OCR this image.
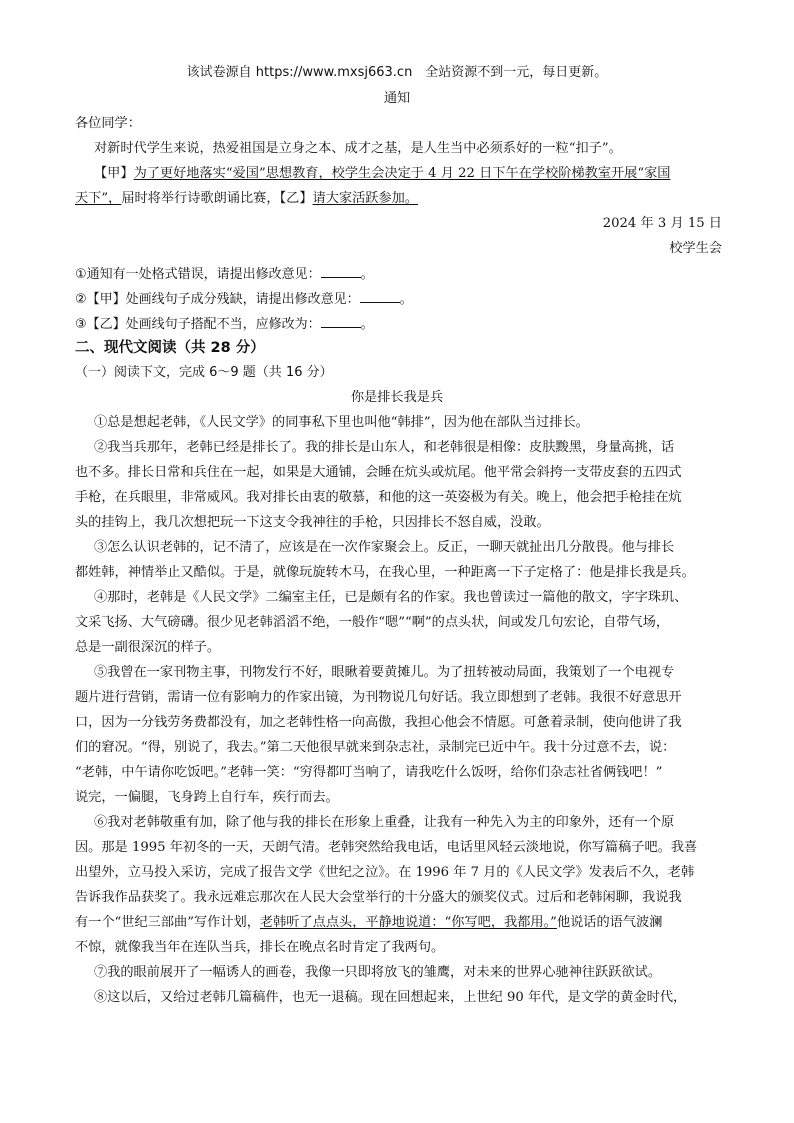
该试卷源自 https://www.mxsj663.cn　全站资源不到一元，每日更新。
通知
各位同学：
对新时代学生来说，热爱祖国是立身之本、成才之基，是人生当中必须系好的一粒“扣子”。
【甲】为了更好地落实“爱国”思想教育，校学生会决定于 4 月 22 日下午在学校阶梯教室开展“家国
天下”，届时将举行诗歌朗诵比赛，【乙】请大家活跃参加。
2024 年 3 月 15 日
校学生会
①通知有一处格式错误，请提出修改意见：	。
②【甲】处画线句子成分残缺，请提出修改意见：	。
③【乙】处画线句子搭配不当，应修改为：	。
二、现代文阅读（共 28 分）
（一）阅读下文，完成 6～9 题（共 16 分）
你是排长我是兵
①总是想起老韩，《人民文学》的同事私下里也叫他“韩排”，因为他在部队当过排长。
②我当兵那年，老韩已经是排长了。我的排长是山东人，和老韩很是相像：皮肤黢黑，身量高挑，话
也不多。排长日常和兵住在一起，如果是大通铺，会睡在炕头或炕尾。他平常会斜挎一支带皮套的五四式
手枪，在兵眼里，非常威风。我对排长由衷的敬慕，和他的这一英姿极为有关。晚上，他会把手枪挂在炕
头的挂钩上，我几次想把玩一下这支令我神往的手枪，只因排长不怒自威，没敢。
③怎么认识老韩的，记不清了，应该是在一次作家聚会上。反正，一聊天就扯出几分散畏。他与排长
都姓韩，神情举止又酷似。于是，就像玩旋转木马，在我心里，一种距离一下子定格了：他是排长我是兵。
④那时，老韩是《人民文学》二编室主任，已是颇有名的作家。我也曾读过一篇他的散文，字字珠玑、
文采飞扬、大气磅礴。很少见老韩滔滔不绝，一般作“嗯”“啊”的点头状，间或发几句宏论，自带气场，
总是一副很深沉的样子。
⑤我曾在一家刊物主事，刊物发行不好，眼瞅着要黄摊儿。为了扭转被动局面，我策划了一个电视专
题片进行营销，需请一位有影响力的作家出镜，为刊物说几句好话。我立即想到了老韩。我很不好意思开
口，因为一分钱劳务费都没有，加之老韩性格一向高傲，我担心他会不情愿。可惫着录制，使向他讲了我
们的窘况。“得，别说了，我去。”第二天他很早就来到杂志社，录制完已近中午。我十分过意不去，说：
“老韩，中午请你吃饭吧。”老韩一笑：“穷得都叮当响了，请我吃什么饭呀，给你们杂志社省俩钱吧！”
说完，一偏腿，飞身跨上自行车，疾行而去。
⑥我对老韩敬重有加，除了他与我的排长在形象上重叠，让我有一种先入为主的印象外，还有一个原
因。那是 1995 年初冬的一天，天朗气清。老韩突然给我电话，电话里风轻云淡地说，你写篇稿子吧。我喜
出望外，立马投入采访，完成了报告文学《世纪之泣》。在 1996 年 7 月的《人民文学》发表后不久，老韩
告诉我作品获奖了。我永远难忘那次在人民大会堂举行的十分盛大的颁奖仪式。过后和老韩闲聊，我说我
有一个“世纪三部曲”写作计划，老韩听了点点头，平静地说道：“你写吧，我都用。”他说话的语气波澜
不惊，就像我当年在连队当兵，排长在晚点名时肯定了我两句。
⑦我的眼前展开了一幅诱人的画卷，我像一只即将放飞的雏鹰，对未来的世界心驰神往跃跃欲试。
⑧这以后，又给过老韩几篇稿件，也无一退稿。现在回想起来，上世纪 90 年代，是文学的黄金时代，
